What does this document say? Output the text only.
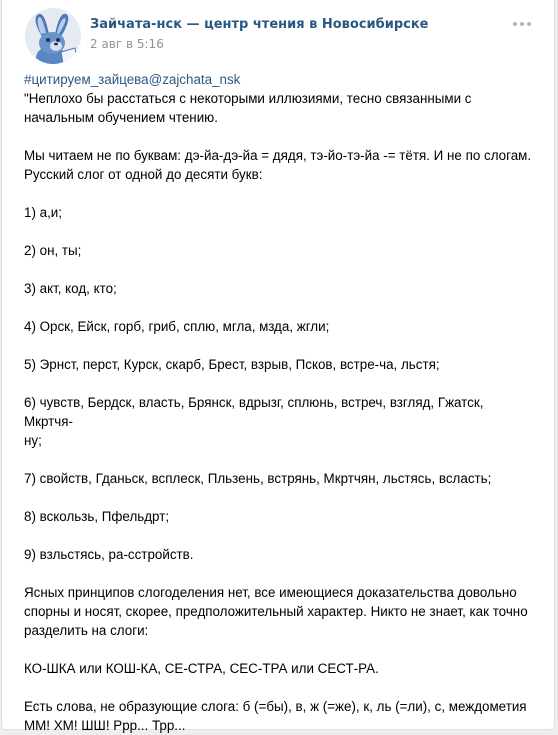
Зайчата-нск — центр чтения в Новосибирске
2 авг в 5:16
#цитируем_зайцева@zajchata_nsk
"Неплохо бы расстаться с некоторыми иллюзиями, тесно связанными с
начальным обучением чтению.
Мы читаем не по буквам: дэ-йа-дэ-йа = дядя, тэ-йо-тэ-йа -= тётя. И не по слогам.
Русский слог от одной до десяти букв:
1) а,и;
2) он, ты;
3) акт, код, кто;
4) Орск, Ейск, горб, гриб, сплю, мгла, мзда, жгли;
5) Эрнст, перст, Курск, скарб, Брест, взрыв, Псков, встре-ча, льстя;
6) чувств, Бердск, власть, Брянск, вдрызг, сплюнь, встреч, взгляд, Гжатск, Мкртчя-
ну;
7) свойств, Гданьск, всплеск, Пльзень, встрянь, Мкртчян, льстясь, всласть;
8) вскользь, Пфельдрт;
9) взльстясь, ра-сстройств.
Ясных принципов слогоделения нет, все имеющиеся доказательства довольно
спорны и носят, скорее, предположительный характер. Никто не знает, как точно
разделить на слоги:
КО-ШКА или КОШ-КА, СЕ-СТРА, СЕС-ТРА или СЕСТ-РА.
Есть слова, не образующие слога: б (=бы), в, ж (=же), к, ль (=ли), с, междометия
ММ! ХМ! ШШ! Ррр... Трр...
